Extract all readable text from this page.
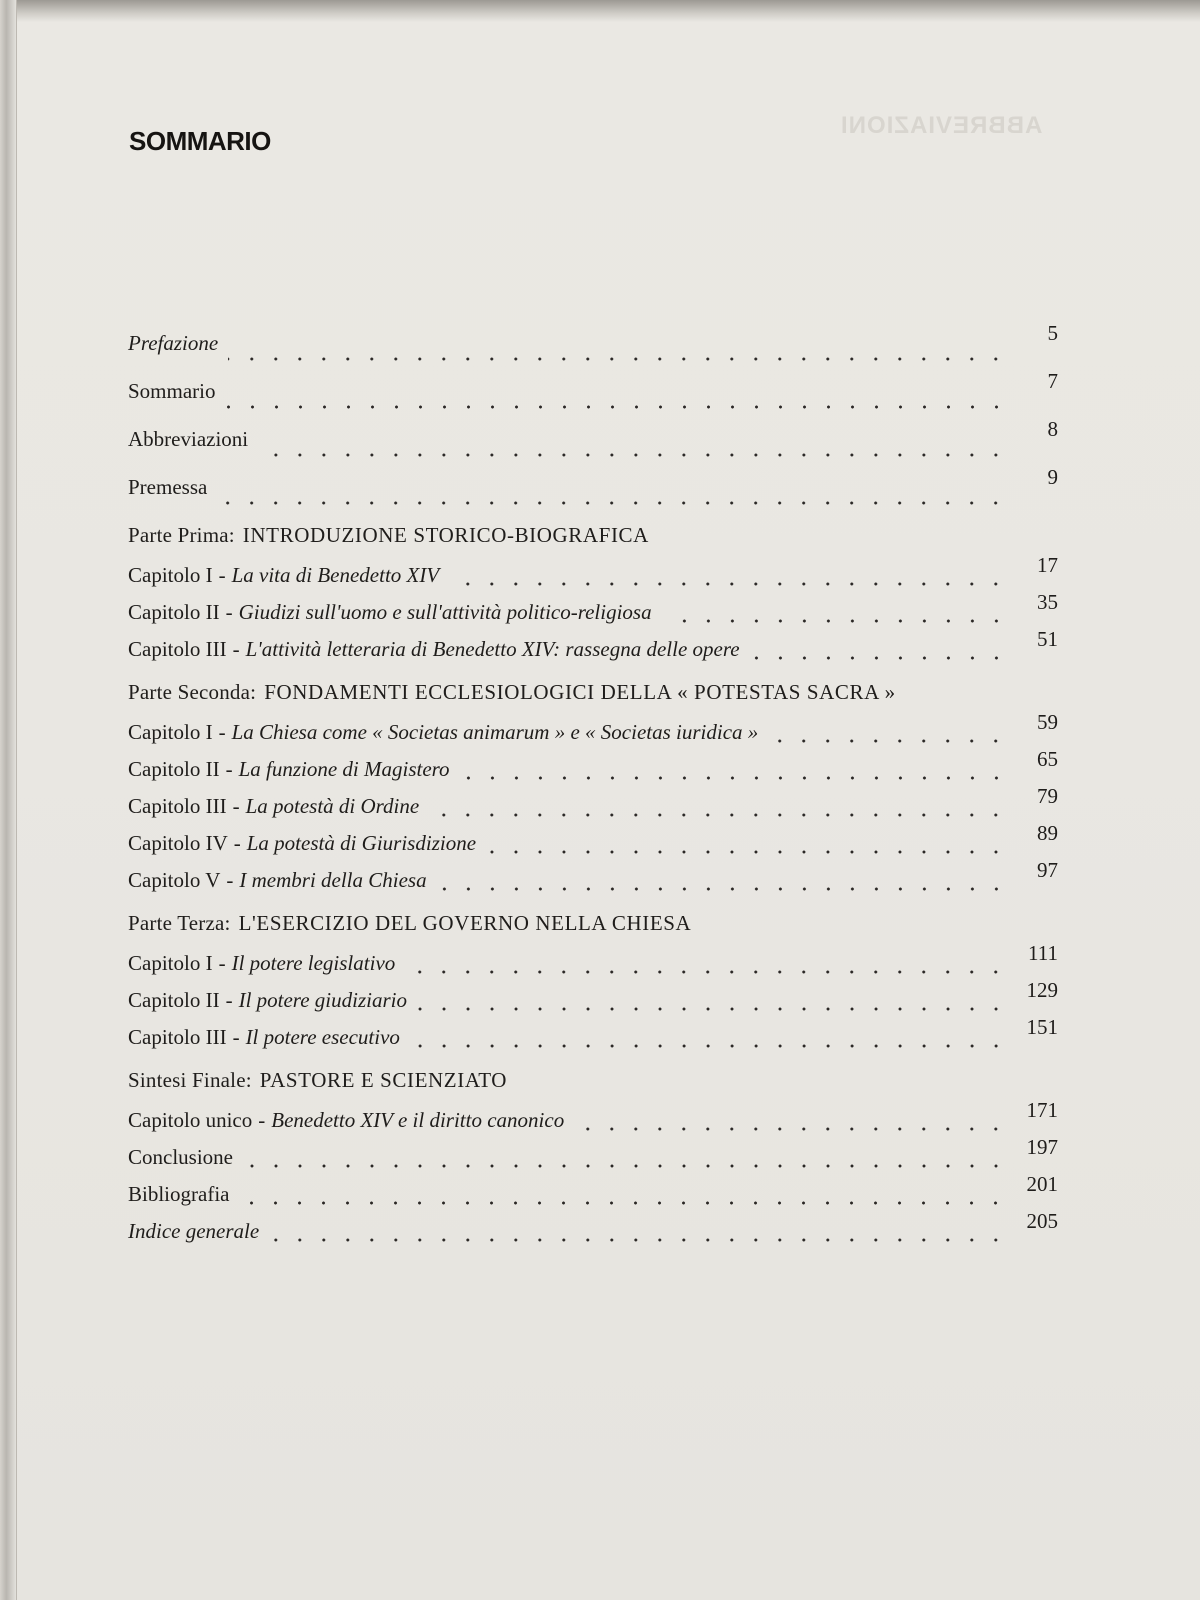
ABBREVIAZIONI
SOMMARIO
Prefazione	5
Sommario	7
Abbreviazioni	8
Premessa	9
Parte Prima: INTRODUZIONE STORICO-BIOGRAFICA
Capitolo I - La vita di Benedetto XIV	17
Capitolo II - Giudizi sull'uomo e sull'attività politico-religiosa	35
Capitolo III - L'attività letteraria di Benedetto XIV: rassegna delle opere	51
Parte Seconda: FONDAMENTI ECCLESIOLOGICI DELLA « POTESTAS SACRA »
Capitolo I - La Chiesa come « Societas animarum » e « Societas iuridica »	59
Capitolo II - La funzione di Magistero	65
Capitolo III - La potestà di Ordine	79
Capitolo IV - La potestà di Giurisdizione	89
Capitolo V - I membri della Chiesa	97
Parte Terza: L'ESERCIZIO DEL GOVERNO NELLA CHIESA
Capitolo I - Il potere legislativo	111
Capitolo II - Il potere giudiziario	129
Capitolo III - Il potere esecutivo	151
Sintesi Finale: PASTORE E SCIENZIATO
Capitolo unico - Benedetto XIV e il diritto canonico	171
Conclusione	197
Bibliografia	201
Indice generale	205
